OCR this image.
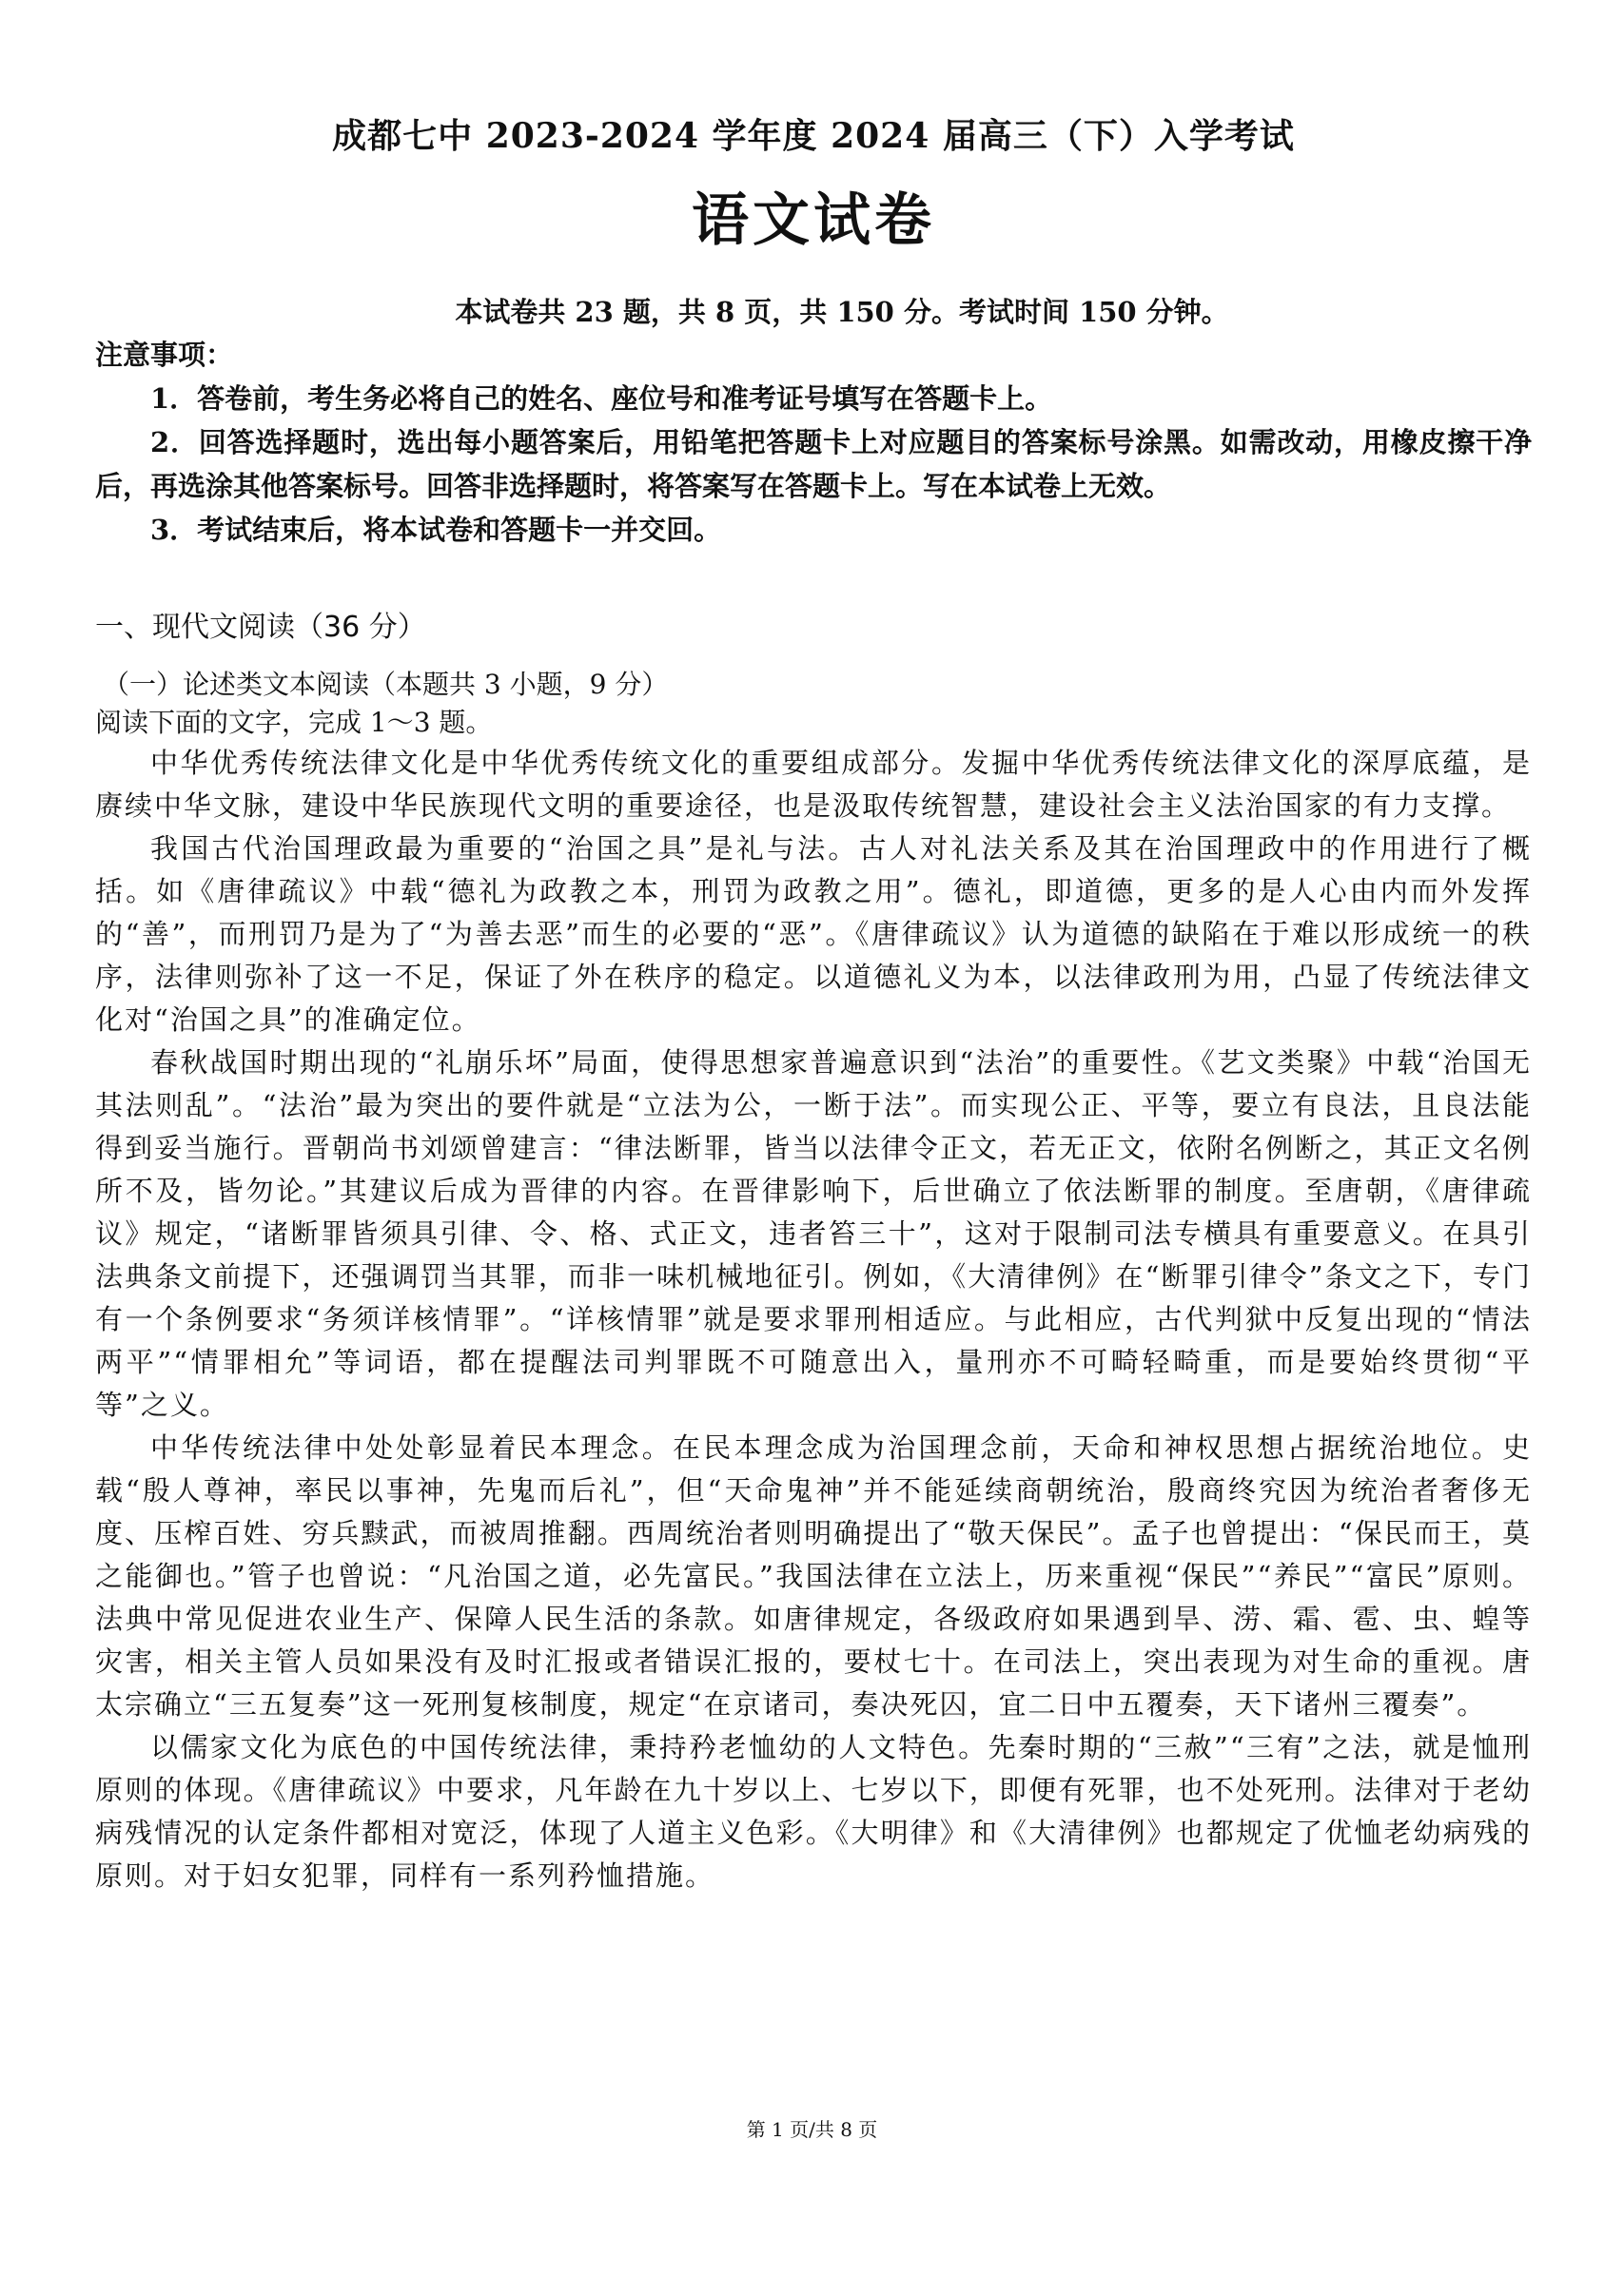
成都七中 2023-2024 学年度 2024 届高三（下）入学考试
语文试卷

本试卷共 23 题，共 8 页，共 150 分。考试时间 150 分钟。

注意事项：

1．答卷前，考生务必将自己的姓名、座位号和准考证号填写在答题卡上。

2．回答选择题时，选出每小题答案后，用铅笔把答题卡上对应题目的答案标号涂黑。如需改动，用橡皮擦干净后，再选涂其他答案标号。回答非选择题时，将答案写在答题卡上。写在本试卷上无效。

3．考试结束后，将本试卷和答题卡一并交回。

一、现代文阅读（36 分）

（一）论述类文本阅读（本题共 3 小题，9 分）

阅读下面的文字，完成 1～3 题。

中华优秀传统法律文化是中华优秀传统文化的重要组成部分。发掘中华优秀传统法律文化的深厚底蕴，是赓续中华文脉，建设中华民族现代文明的重要途径，也是汲取传统智慧，建设社会主义法治国家的有力支撑。

我国古代治国理政最为重要的“治国之具”是礼与法。古人对礼法关系及其在治国理政中的作用进行了概括。如《唐律疏议》中载“德礼为政教之本，刑罚为政教之用”。德礼，即道德，更多的是人心由内而外发挥的“善”，而刑罚乃是为了“为善去恶”而生的必要的“恶”。《唐律疏议》认为道德的缺陷在于难以形成统一的秩序，法律则弥补了这一不足，保证了外在秩序的稳定。以道德礼义为本，以法律政刑为用，凸显了传统法律文化对“治国之具”的准确定位。

春秋战国时期出现的“礼崩乐坏”局面，使得思想家普遍意识到“法治”的重要性。《艺文类聚》中载“治国无其法则乱”。“法治”最为突出的要件就是“立法为公，一断于法”。而实现公正、平等，要立有良法，且良法能得到妥当施行。晋朝尚书刘颂曾建言：“律法断罪，皆当以法律令正文，若无正文，依附名例断之，其正文名例所不及，皆勿论。”其建议后成为晋律的内容。在晋律影响下，后世确立了依法断罪的制度。至唐朝，《唐律疏议》规定，“诸断罪皆须具引律、令、格、式正文，违者笞三十”，这对于限制司法专横具有重要意义。在具引法典条文前提下，还强调罚当其罪，而非一味机械地征引。例如，《大清律例》在“断罪引律令”条文之下，专门有一个条例要求“务须详核情罪”。“详核情罪”就是要求罪刑相适应。与此相应，古代判狱中反复出现的“情法两平”“情罪相允”等词语，都在提醒法司判罪既不可随意出入，量刑亦不可畸轻畸重，而是要始终贯彻“平等”之义。

中华传统法律中处处彰显着民本理念。在民本理念成为治国理念前，天命和神权思想占据统治地位。史载“殷人尊神，率民以事神，先鬼而后礼”，但“天命鬼神”并不能延续商朝统治，殷商终究因为统治者奢侈无度、压榨百姓、穷兵黩武，而被周推翻。西周统治者则明确提出了“敬天保民”。孟子也曾提出：“保民而王，莫之能御也。”管子也曾说：“凡治国之道，必先富民。”我国法律在立法上，历来重视“保民”“养民”“富民”原则。法典中常见促进农业生产、保障人民生活的条款。如唐律规定，各级政府如果遇到旱、涝、霜、雹、虫、蝗等灾害，相关主管人员如果没有及时汇报或者错误汇报的，要杖七十。在司法上，突出表现为对生命的重视。唐太宗确立“三五复奏”这一死刑复核制度，规定“在京诸司，奏决死囚，宜二日中五覆奏，天下诸州三覆奏”。

以儒家文化为底色的中国传统法律，秉持矜老恤幼的人文特色。先秦时期的“三赦”“三宥”之法，就是恤刑原则的体现。《唐律疏议》中要求，凡年龄在九十岁以上、七岁以下，即便有死罪，也不处死刑。法律对于老幼病残情况的认定条件都相对宽泛，体现了人道主义色彩。《大明律》和《大清律例》也都规定了优恤老幼病残的原则。对于妇女犯罪，同样有一系列矜恤措施。

第 1 页/共 8 页
